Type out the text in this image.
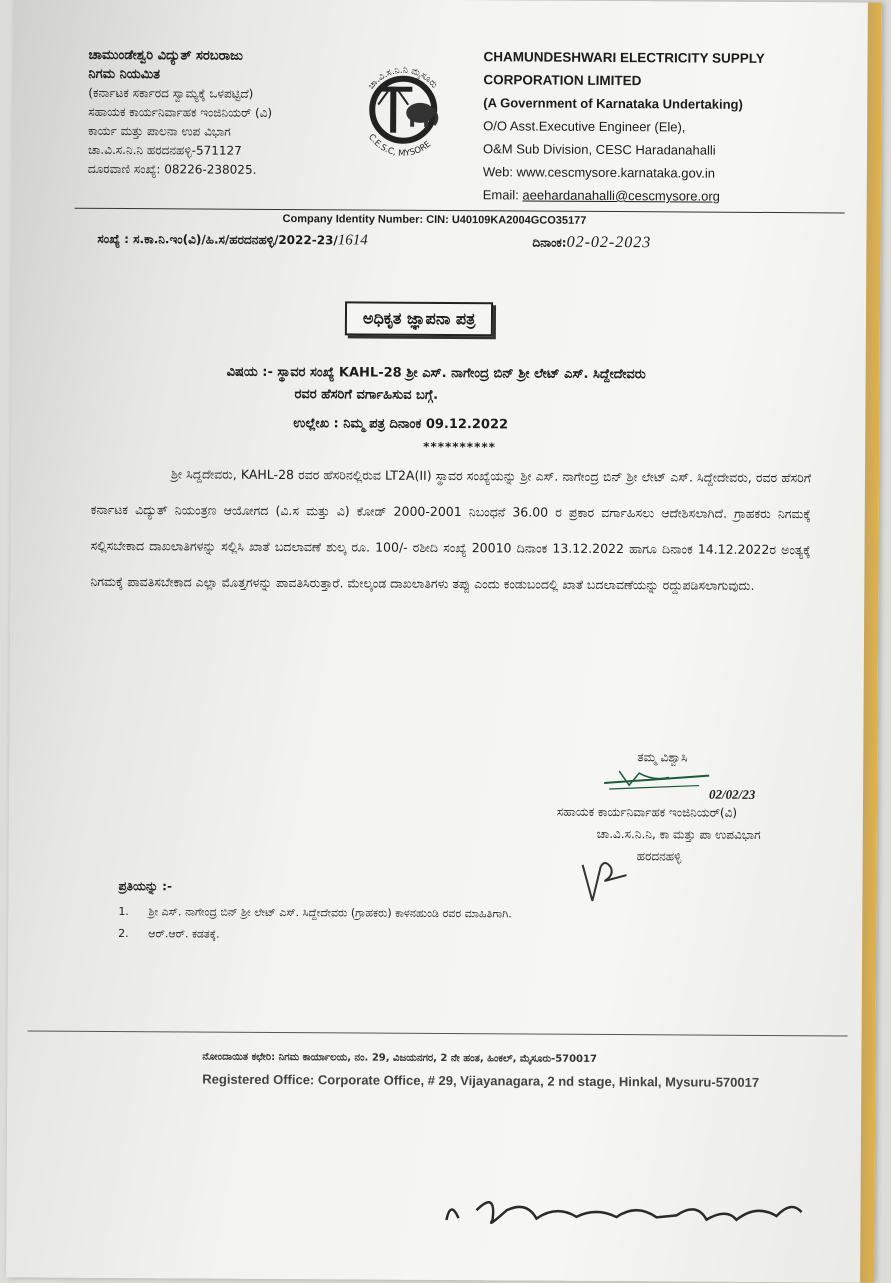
ಚಾಮುಂಡೇಶ್ವರಿ ವಿದ್ಯುತ್ ಸರಬರಾಜು
ನಿಗಮ ನಿಯಮಿತ
(ಕರ್ನಾಟಕ ಸರ್ಕಾರದ ಸ್ವಾಮ್ಯಕ್ಕೆ ಒಳಪಟ್ಟಿದೆ)
ಸಹಾಯಕ ಕಾರ್ಯನಿರ್ವಾಹಕ ಇಂಜಿನಿಯರ್ (ವಿ)
ಕಾರ್ಯ ಮತ್ತು ಪಾಲನಾ ಉಪ ವಿಭಾಗ
ಚಾ.ವಿ.ಸ.ನಿ.ನಿ ಹರದನಹಳ್ಳಿ-571127
ದೂರವಾಣಿ ಸಂಖ್ಯೆ: 08226-238025.
ಚಾ.ವಿ.ಸ.ನಿ.ನಿ ಮೈಸೂರು
C.E.S.C, MYSORE
CHAMUNDESHWARI ELECTRICITY SUPPLY
CORPORATION LIMITED
(A Government of Karnataka Undertaking)
O/O Asst.Executive Engineer (Ele),
O&M Sub Division, CESC Haradanahalli
Web: www.cescmysore.karnataka.gov.in
Email: aeehardanahalli@cescmysore.org
Company Identity Number: CIN: U40109KA2004GCO35177
ಸಂಖ್ಯೆ : ಸ.ಕಾ.ನಿ.ಇಂ(ವಿ)/ಹಿ.ಸ/ಹರದನಹಳ್ಳಿ/2022-23/1614	ದಿನಾಂಕ:02-02-2023
ಅಧಿಕೃತ ಜ್ಞಾಪನಾ ಪತ್ರ
ವಿಷಯ :- ಸ್ಥಾವರ ಸಂಖ್ಯೆ KAHL-28 ಶ್ರೀ ಎಸ್. ನಾಗೇಂದ್ರ ಬಿನ್ ಶ್ರೀ ಲೇಟ್ ಎಸ್. ಸಿದ್ದೇದೇವರು
ರವರ ಹೆಸರಿಗೆ ವರ್ಗಾಹಿಸುವ ಬಗ್ಗೆ.
ಉಲ್ಲೇಖ : ನಿಮ್ಮ ಪತ್ರ ದಿನಾಂಕ 09.12.2022
**********

ಶ್ರೀ ಸಿದ್ದದೇವರು, KAHL-28 ರವರ ಹೆಸರಿನಲ್ಲಿರುವ LT2A(II) ಸ್ಥಾವರ ಸಂಖ್ಯೆಯನ್ನು ಶ್ರೀ ಎಸ್. ನಾಗೇಂದ್ರ ಬಿನ್ ಶ್ರೀ ಲೇಟ್ ಎಸ್. ಸಿದ್ದೇದೇವರು, ರವರ ಹೆಸರಿಗೆ ಕರ್ನಾಟಕ ವಿದ್ಯುತ್ ನಿಯಂತ್ರಣ ಆಯೋಗದ (ವಿ.ಸ ಮತ್ತು ವಿ) ಕೋಡ್ 2000-2001 ನಿಬಂಧನೆ 36.00 ರ ಪ್ರಕಾರ ವರ್ಗಾಹಿಸಲು ಆದೇಶಿಸಲಾಗಿದೆ. ಗ್ರಾಹಕರು ನಿಗಮಕ್ಕೆ ಸಲ್ಲಿಸಬೇಕಾದ ದಾಖಲಾತಿಗಳನ್ನು ಸಲ್ಲಿಸಿ ಖಾತೆ ಬದಲಾವಣೆ ಶುಲ್ಕ ರೂ. 100/- ರಶೀದಿ ಸಂಖ್ಯೆ 20010 ದಿನಾಂಕ 13.12.2022 ಹಾಗೂ ದಿನಾಂಕ 14.12.2022ರ ಅಂತ್ಯಕ್ಕೆ ನಿಗಮಕ್ಕೆ ಪಾವತಿಸಬೇಕಾದ ಎಲ್ಲಾ ಮೊತ್ತಗಳನ್ನು ಪಾವತಿಸಿರುತ್ತಾರೆ. ಮೇಲ್ಕಂಡ ದಾಖಲಾತಿಗಳು ತಪ್ಪು ಎಂದು ಕಂಡುಬಂದಲ್ಲಿ ಖಾತೆ ಬದಲಾವಣೆಯನ್ನು ರದ್ದುಪಡಿಸಲಾಗುವುದು.

ತಮ್ಮ ವಿಶ್ವಾಸಿ
02/02/23
ಸಹಾಯಕ ಕಾರ್ಯನಿರ್ವಾಹಕ ಇಂಜಿನಿಯರ್(ವಿ)
ಚಾ.ವಿ.ಸ.ನಿ.ನಿ, ಕಾ ಮತ್ತು ಪಾ ಉಪವಿಭಾಗ
ಹರದನಹಳ್ಳಿ
ಪ್ರತಿಯನ್ನು :-
1.	ಶ್ರೀ ಎಸ್. ನಾಗೇಂದ್ರ ಬಿನ್ ಶ್ರೀ ಲೇಟ್ ಎಸ್. ಸಿದ್ದೇದೇವರು (ಗ್ರಾಹಕರು) ಕಾಳನಹುಂಡಿ ರವರ ಮಾಹಿತಿಗಾಗಿ.
2.	ಆರ್.ಆರ್. ಕಡತಕ್ಕೆ.
ನೋಂದಾಯಿತ ಕಛೇರಿ: ನಿಗಮ ಕಾರ್ಯಾಲಯ, ನಂ. 29, ವಿಜಯನಗರ, 2 ನೇ ಹಂತ, ಹಿಂಕಲ್, ಮೈಸೂರು-570017
Registered Office: Corporate Office, # 29, Vijayanagara, 2 nd stage, Hinkal, Mysuru-570017
